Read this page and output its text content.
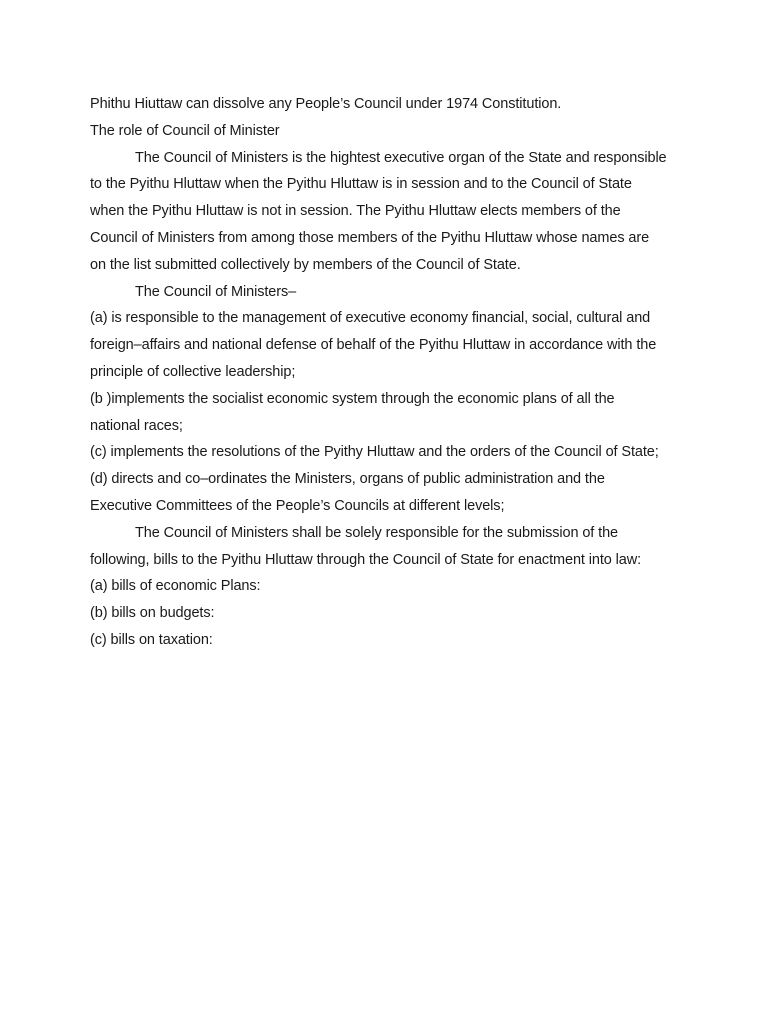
Phithu Hiuttaw can dissolve any People’s Council under 1974 Constitution.
The role of Council of Minister
The Council of Ministers is the hightest executive organ of the State and responsible
to the Pyithu Hluttaw when the Pyithu Hluttaw is in session and to the Council of State
when the Pyithu Hluttaw is not in session. The Pyithu Hluttaw elects members of the
Council of Ministers from among those members of the Pyithu Hluttaw whose names are
on the list submitted collectively by members of the Council of State.
The Council of Ministers–
(a) is responsible to the management of executive economy financial, social, cultural and
foreign–affairs and national defense of behalf of the Pyithu Hluttaw in accordance with the
principle of collective leadership;
(b )implements the socialist economic system through the economic plans of all the
national races;
(c) implements the resolutions of the Pyithy Hluttaw and the orders of the Council of State;
(d) directs and co–ordinates the Ministers, organs of public administration and the
Executive Committees of the People’s Councils at different levels;
The Council of Ministers shall be solely responsible for the submission of the
following, bills to the Pyithu Hluttaw through the Council of State for enactment into law:
(a) bills of economic Plans:
(b) bills on budgets:
(c) bills on taxation:
